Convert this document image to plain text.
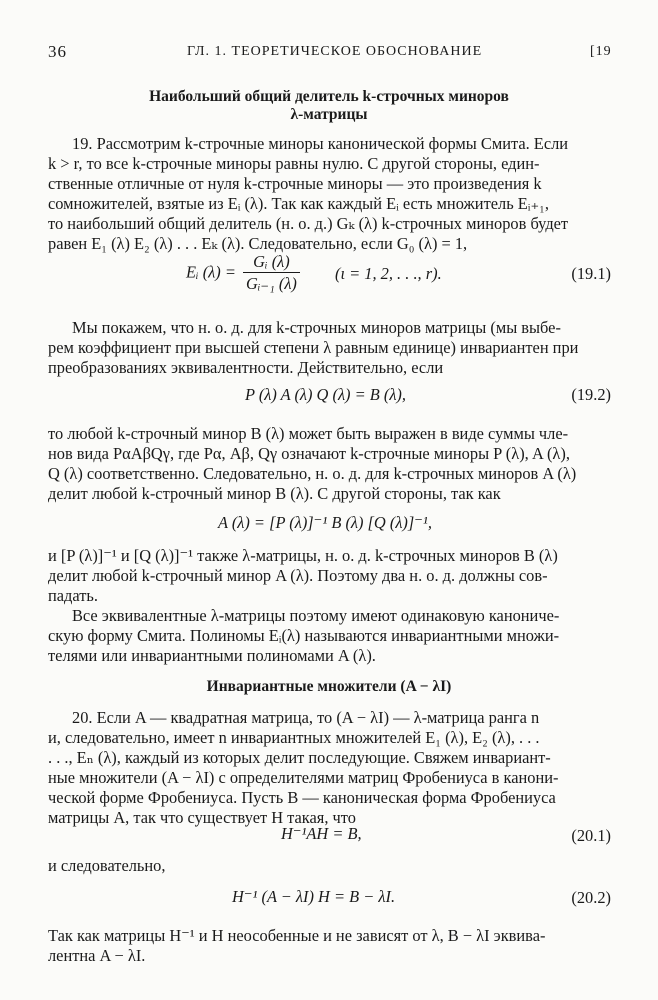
36	ГЛ. 1. ТЕОРЕТИЧЕСКОЕ ОБОСНОВАНИЕ	[19
Наибольший общий делитель k-строчных миноров
λ-матрицы
19. Рассмотрим k-строчные миноры канонической формы Смита. Если
k > r, то все k-строчные миноры равны нулю. С другой стороны, един-
ственные отличные от нуля k-строчные миноры — это произведения k
сомножителей, взятые из Eᵢ (λ). Так как каждый Eᵢ есть множитель Eᵢ₊₁,
то наибольший общий делитель (н. о. д.) Gₖ (λ) k-строчных миноров будет
равен E₁ (λ) E₂ (λ) . . . Eₖ (λ). Следовательно, если G₀ (λ) = 1,
Eᵢ $(\lambda) = \frac{\text{Gᵢ (λ)}}{\text{Gᵢ₋₁ (λ)}} (\iota = 1$, 2, . . ., r).	(19.1)
Мы покажем, что н. о. д. для k-строчных миноров матрицы (мы выбе-
рем коэффициент при высшей степени λ равным единице) инвариантен при
преобразованиях эквивалентности. Действительно, если
P (λ) A (λ) Q (λ) = B (λ),	(19.2)
то любой k-строчный минор B (λ) может быть выражен в виде суммы чле-
нов вида PαAβQγ, где Pα, Aβ, Qγ означают k-строчные миноры P (λ), A (λ),
Q (λ) соответственно. Следовательно, н. о. д. для k-строчных миноров A (λ)
делит любой k-строчный минор B (λ). С другой стороны, так как
A (λ) = [P (λ)]⁻¹ B (λ) [Q (λ)]⁻¹,
и [P (λ)]⁻¹ и [Q (λ)]⁻¹ также λ-матрицы, н. о. д. k-строчных миноров B (λ)
делит любой k-строчный минор A (λ). Поэтому два н. о. д. должны сов-
падать.
Все эквивалентные λ-матрицы поэтому имеют одинаковую канониче-
скую форму Смита. Полиномы Eᵢ(λ) называются инвариантными множи-
телями или инвариантными полиномами A (λ).
Инвариантные множители (A − λI)
20. Если A — квадратная матрица, то (A − λI) — λ-матрица ранга n
и, следовательно, имеет n инвариантных множителей E₁ (λ), E₂ (λ), . . .
. . ., Eₙ (λ), каждый из которых делит последующие. Свяжем инвариант-
ные множители (A − λI) с определителями матриц Фробениуса в канони-
ческой форме Фробениуса. Пусть B — каноническая форма Фробениуса
матрицы A, так что существует H такая, что
H⁻¹AH = B,	(20.1)
и следовательно,
H⁻¹ (A − λI) H = B − λI.	(20.2)
Так как матрицы H⁻¹ и H неособенные и не зависят от λ, B − λI эквива-
лентна A − λI.
